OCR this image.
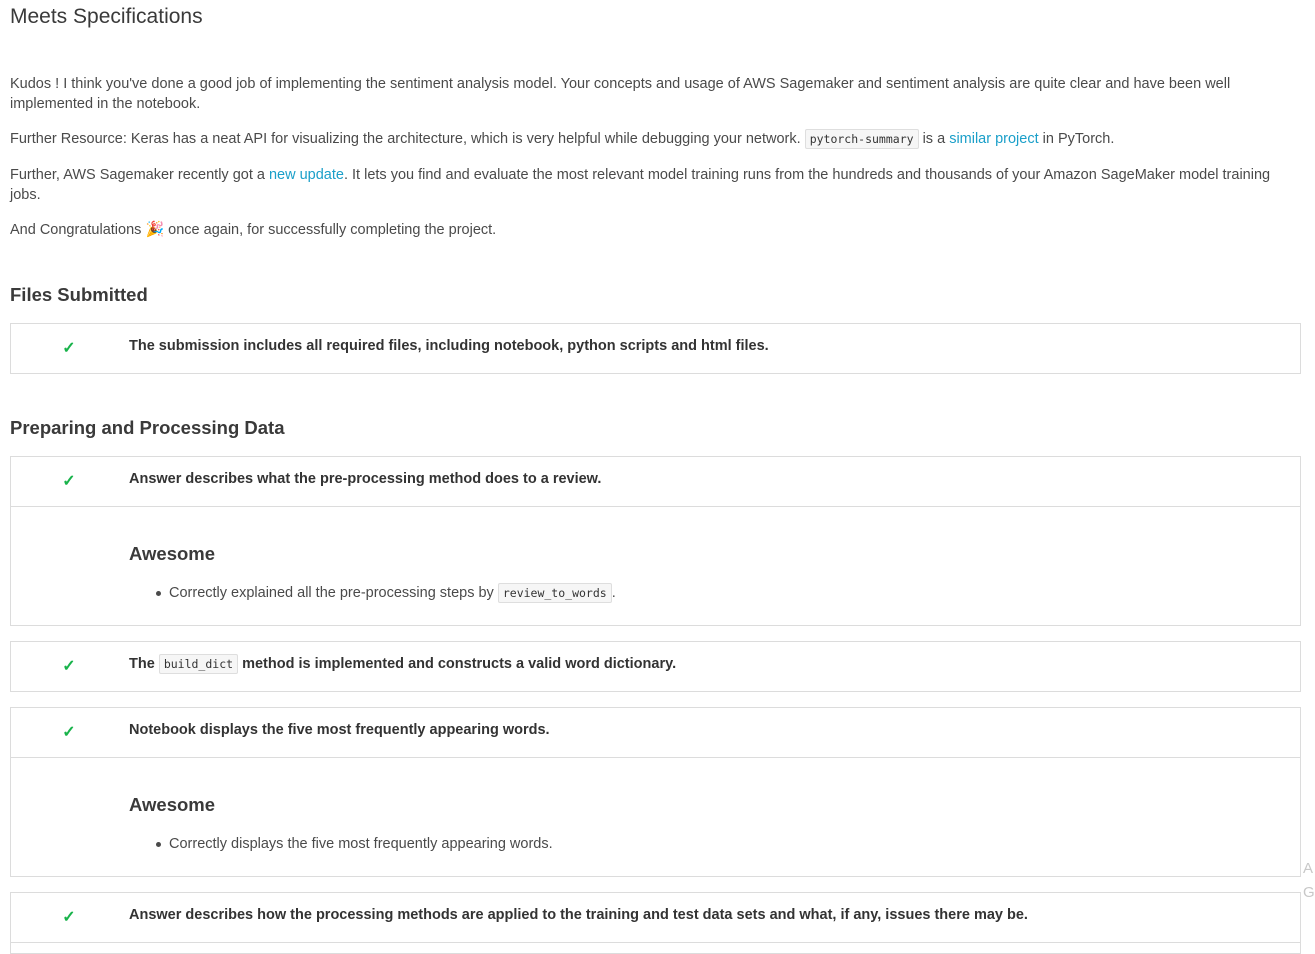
Meets Specifications

Kudos ! I think you've done a good job of implementing the sentiment analysis model. Your concepts and usage of AWS Sagemaker and sentiment analysis are quite clear and have been well implemented in the notebook.

Further Resource: Keras has a neat API for visualizing the architecture, which is very helpful while debugging your network. pytorch-summary is a similar project in PyTorch.

Further, AWS Sagemaker recently got a new update. It lets you find and evaluate the most relevant model training runs from the hundreds and thousands of your Amazon SageMaker model training jobs.

And Congratulations 🎉 once again, for successfully completing the project.

Files Submitted
✓	The submission includes all required files, including notebook, python scripts and html files.
Preparing and Processing Data
✓	Answer describes what the pre-processing method does to a review.
Awesome
Correctly explained all the pre-processing steps by review_to_words .
✓	The build_dict method is implemented and constructs a valid word dictionary.
✓	Notebook displays the five most frequently appearing words.
Awesome
Correctly displays the five most frequently appearing words.
✓	Answer describes how the processing methods are applied to the training and test data sets and what, if any, issues there may be.
A
G
